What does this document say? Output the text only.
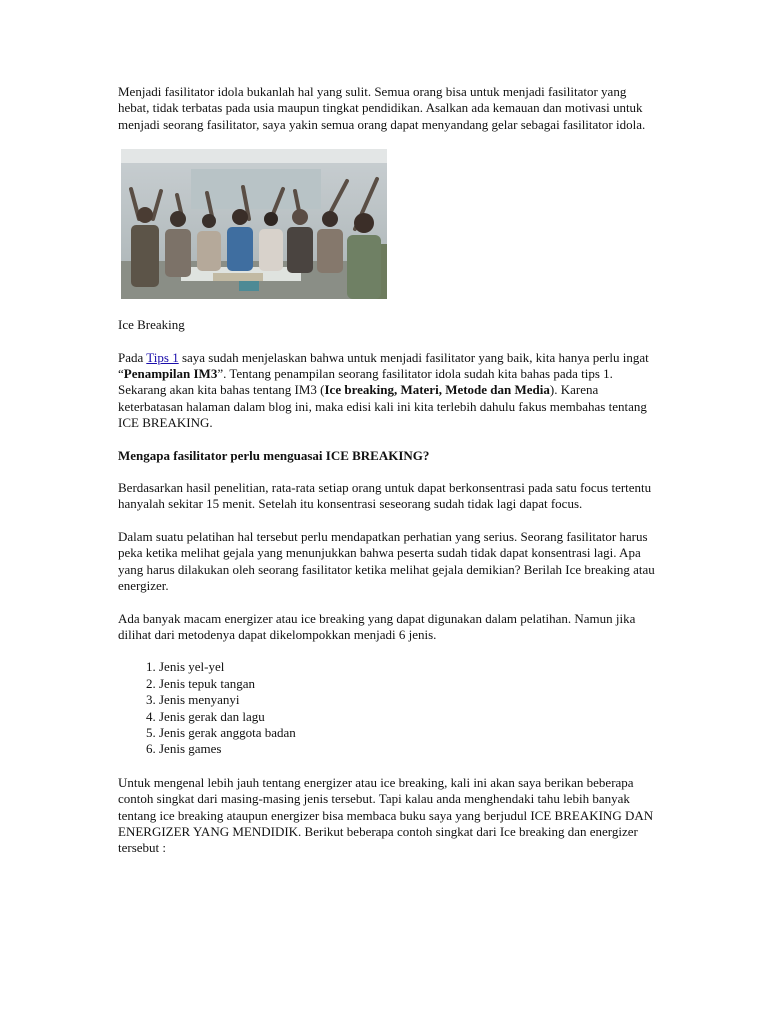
Menjadi fasilitator idola bukanlah hal yang sulit. Semua orang bisa untuk menjadi fasilitator yang hebat, tidak terbatas pada usia maupun tingkat pendidikan. Asalkan ada kemauan dan motivasi untuk menjadi seorang fasilitator, saya yakin semua orang dapat menyandang gelar sebagai fasilitator idola.

Ice Breaking

Pada Tips 1 saya sudah menjelaskan bahwa untuk menjadi fasilitator yang baik, kita hanya perlu ingat “Penampilan IM3”. Tentang penampilan seorang fasilitator idola sudah kita bahas pada tips 1. Sekarang akan kita bahas tentang IM3 (Ice breaking, Materi, Metode dan Media). Karena keterbatasan halaman dalam blog ini, maka edisi kali ini kita terlebih dahulu fakus membahas tentang ICE BREAKING.

Mengapa fasilitator perlu menguasai ICE BREAKING?

Berdasarkan hasil penelitian, rata-rata setiap orang untuk dapat berkonsentrasi pada satu focus tertentu hanyalah sekitar 15 menit. Setelah itu konsentrasi seseorang sudah tidak lagi dapat focus.

Dalam suatu pelatihan hal tersebut perlu mendapatkan perhatian yang serius. Seorang fasilitator harus peka ketika melihat gejala yang menunjukkan bahwa peserta sudah tidak dapat konsentrasi lagi. Apa yang harus dilakukan oleh seorang fasilitator ketika melihat gejala demikian? Berilah Ice breaking atau energizer.

Ada banyak macam energizer atau ice breaking yang dapat digunakan dalam pelatihan. Namun jika dilihat dari metodenya dapat dikelompokkan menjadi 6 jenis.

1. Jenis yel-yel
2. Jenis tepuk tangan
3. Jenis menyanyi
4. Jenis gerak dan lagu
5. Jenis gerak anggota badan
6. Jenis games

Untuk mengenal lebih jauh tentang energizer atau ice breaking, kali ini akan saya berikan beberapa contoh singkat dari masing-masing jenis tersebut. Tapi kalau anda menghendaki tahu lebih banyak tentang ice breaking ataupun energizer bisa membaca buku saya yang berjudul ICE BREAKING DAN ENERGIZER YANG MENDIDIK. Berikut beberapa contoh singkat dari Ice breaking dan energizer tersebut :
